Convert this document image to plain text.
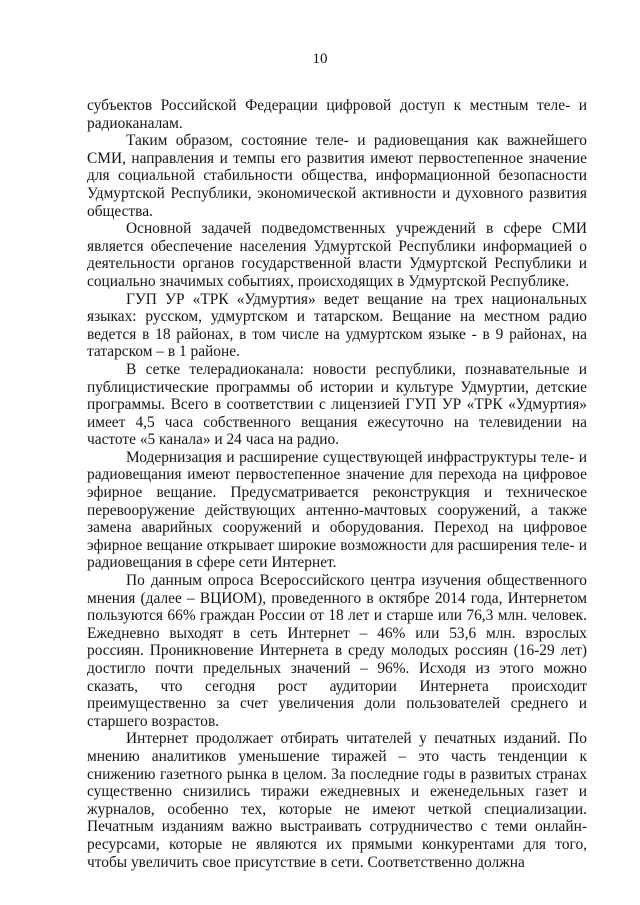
10

субъектов Российской Федерации цифровой доступ к местным теле- и радиоканалам.

Таким образом, состояние теле- и радиовещания как важнейшего СМИ, направления и темпы его развития имеют первостепенное значение для социальной стабильности общества, информационной безопасности Удмуртской Республики, экономической активности и духовного развития общества.

Основной задачей подведомственных учреждений в сфере СМИ является обеспечение населения Удмуртской Республики информацией о деятельности органов государственной власти Удмуртской Республики и социально значимых событиях, происходящих в Удмуртской Республике.

ГУП УР «ТРК «Удмуртия» ведет вещание на трех национальных языках: русском, удмуртском и татарском. Вещание на местном радио ведется в 18 районах, в том числе на удмуртском языке - в 9 районах, на татарском – в 1 районе.

В сетке телерадиоканала: новости республики, познавательные и публицистические программы об истории и культуре Удмуртии, детские программы. Всего в соответствии с лицензией ГУП УР «ТРК «Удмуртия» имеет 4,5 часа собственного вещания ежесуточно на телевидении на частоте «5 канала» и 24 часа на радио.

Модернизация и расширение существующей инфраструктуры теле- и радиовещания имеют первостепенное значение для перехода на цифровое эфирное вещание. Предусматривается реконструкция и техническое перевооружение действующих антенно-мачтовых сооружений, а также замена аварийных сооружений и оборудования. Переход на цифровое эфирное вещание открывает широкие возможности для расширения теле- и радиовещания в сфере сети Интернет.

По данным опроса Всероссийского центра изучения общественного мнения (далее – ВЦИОМ), проведенного в октябре 2014 года, Интернетом пользуются 66% граждан России от 18 лет и старше или 76,3 млн. человек. Ежедневно выходят в сеть Интернет – 46% или 53,6 млн. взрослых россиян. Проникновение Интернета в среду молодых россиян (16-29 лет) достигло почти предельных значений – 96%. Исходя из этого можно сказать, что сегодня рост аудитории Интернета происходит преимущественно за счет увеличения доли пользователей среднего и старшего возрастов.

Интернет продолжает отбирать читателей у печатных изданий. По мнению аналитиков уменьшение тиражей – это часть тенденции к снижению газетного рынка в целом. За последние годы в развитых странах существенно снизились тиражи ежедневных и еженедельных газет и журналов, особенно тех, которые не имеют четкой специализации. Печатным изданиям важно выстраивать сотрудничество с теми онлайн-ресурсами, которые не являются их прямыми конкурентами для того, чтобы увеличить свое присутствие в сети. Соответственно должна
